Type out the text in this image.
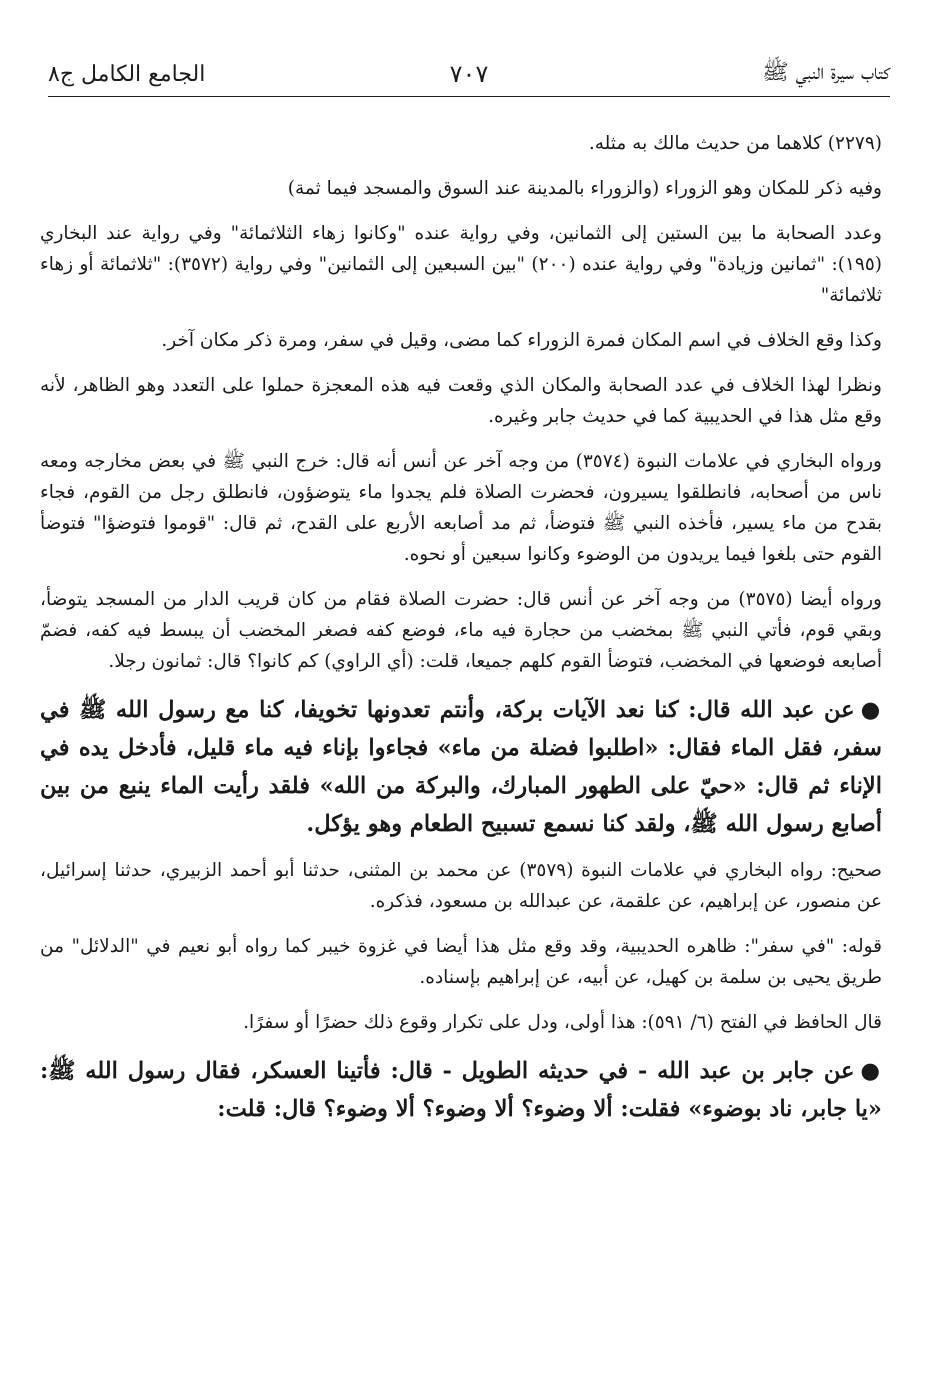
كتاب سيرة النبي ﷺ
٧٠٧
الجامع الكامل ج٨

(٢٢٧٩) كلاهما من حديث مالك به مثله.

وفيه ذكر للمكان وهو الزوراء (والزوراء بالمدينة عند السوق والمسجد فيما ثمة)

وعدد الصحابة ما بين الستين إلى الثمانين، وفي رواية عنده "وكانوا زهاء الثلاثمائة" وفي رواية عند البخاري (١٩٥): "ثمانين وزيادة" وفي رواية عنده (٢٠٠) "بين السبعين إلى الثمانين" وفي رواية (٣٥٧٢): "ثلاثمائة أو زهاء ثلاثمائة"

وكذا وقع الخلاف في اسم المكان فمرة الزوراء كما مضى، وقيل في سفر، ومرة ذكر مكان آخر.

ونظرا لهذا الخلاف في عدد الصحابة والمكان الذي وقعت فيه هذه المعجزة حملوا على التعدد وهو الظاهر، لأنه وقع مثل هذا في الحديبية كما في حديث جابر وغيره.

ورواه البخاري في علامات النبوة (٣٥٧٤) من وجه آخر عن أنس أنه قال: خرج النبي ﷺ في بعض مخارجه ومعه ناس من أصحابه، فانطلقوا يسيرون، فحضرت الصلاة فلم يجدوا ماء يتوضؤون، فانطلق رجل من القوم، فجاء بقدح من ماء يسير، فأخذه النبي ﷺ فتوضأ، ثم مد أصابعه الأربع على القدح، ثم قال: "قوموا فتوضؤا" فتوضأ القوم حتى بلغوا فيما يريدون من الوضوء وكانوا سبعين أو نحوه.

ورواه أيضا (٣٥٧٥) من وجه آخر عن أنس قال: حضرت الصلاة فقام من كان قريب الدار من المسجد يتوضأ، وبقي قوم، فأتي النبي ﷺ بمخضب من حجارة فيه ماء، فوضع كفه فصغر المخضب أن يبسط فيه كفه، فضمّ أصابعه فوضعها في المخضب، فتوضأ القوم كلهم جميعا، قلت: (أي الراوي) كم كانوا؟ قال: ثمانون رجلا.

●عن عبد الله قال: كنا نعد الآيات بركة، وأنتم تعدونها تخويفا، كنا مع رسول الله ﷺ في سفر، فقل الماء فقال: «اطلبوا فضلة من ماء» فجاءوا بإناء فيه ماء قليل، فأدخل يده في الإناء ثم قال: «حيّ على الطهور المبارك، والبركة من الله» فلقد رأيت الماء ينبع من بين أصابع رسول الله ﷺ، ولقد كنا نسمع تسبيح الطعام وهو يؤكل.

صحيح: رواه البخاري في علامات النبوة (٣٥٧٩) عن محمد بن المثنى، حدثنا أبو أحمد الزبيري، حدثنا إسرائيل، عن منصور، عن إبراهيم، عن علقمة، عن عبدالله بن مسعود، فذكره.

قوله: "في سفر": ظاهره الحديبية، وقد وقع مثل هذا أيضا في غزوة خيبر كما رواه أبو نعيم في "الدلائل" من طريق يحيى بن سلمة بن كهيل، عن أبيه، عن إبراهيم بإسناده.

قال الحافظ في الفتح (٦/ ٥٩١): هذا أولى، ودل على تكرار وقوع ذلك حضرًا أو سفرًا.

●عن جابر بن عبد الله - في حديثه الطويل - قال: فأتينا العسكر، فقال رسول الله ﷺ: «يا جابر، ناد بوضوء» فقلت: ألا وضوء؟ ألا وضوء؟ ألا وضوء؟ قال: قلت:
